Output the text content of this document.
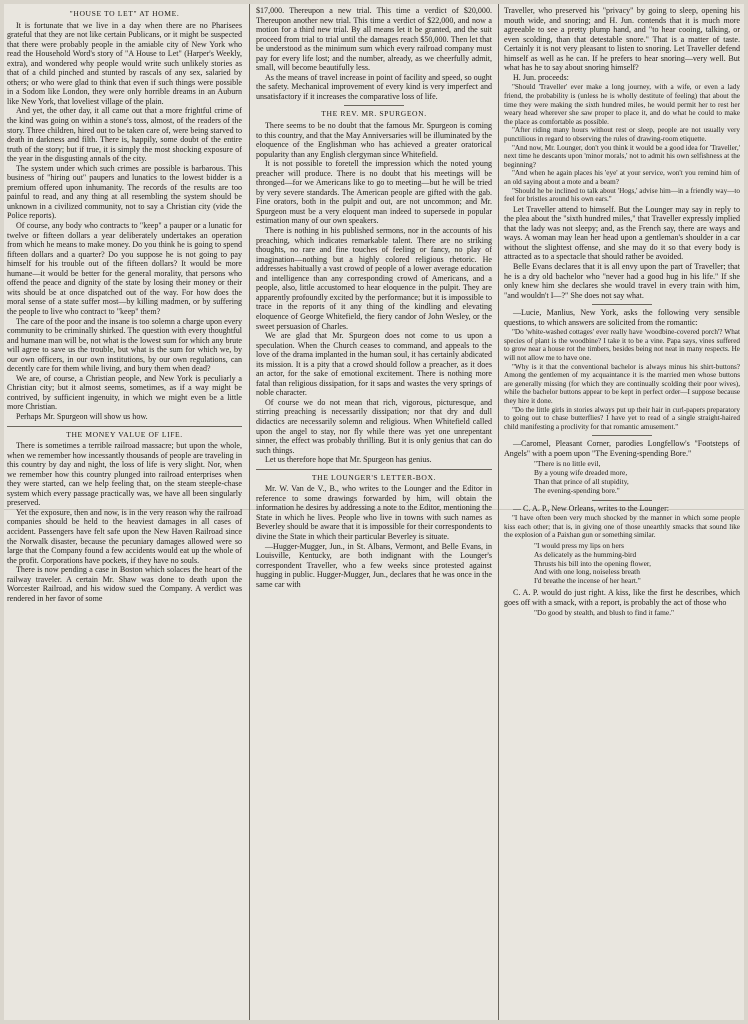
"HOUSE TO LET" AT HOME.

It is fortunate that we live in a day when there are no Pharisees grateful that they are not like certain Publicans, or it might be suspected that there were probably people in the amiable city of New York who read the Household Word's story of "A House to Let" (Harper's Weekly, extra), and wondered why people would write such unlikely stories as that of a child pinched and stunted by rascals of any sex, salaried by others; or who were glad to think that even if such things were possible in a Sodom like London, they were only horrible dreams in an Auburn like New York, that loveliest village of the plain.

And yet, the other day, it all came out that a more frightful crime of the kind was going on within a stone's toss, almost, of the readers of the story. Three children, hired out to be taken care of, were being starved to death in darkness and filth. There is, happily, some doubt of the entire truth of the story; but if true, it is simply the most shocking exposure of the year in the disgusting annals of the city.

The system under which such crimes are possible is barbarous. This business of "hiring out" paupers and lunatics to the lowest bidder is a premium offered upon inhumanity. The records of the results are too painful to read, and any thing at all resembling the system should be unknown in a civilized community, not to say a Christian city (vide the Police reports).

Of course, any body who contracts to "keep" a pauper or a lunatic for twelve or fifteen dollars a year deliberately undertakes an operation from which he means to make money. Do you think he is going to spend fifteen dollars and a quarter? Do you suppose he is not going to pay himself for his trouble out of the fifteen dollars? It would be more humane—it would be better for the general morality, that persons who offend the peace and dignity of the state by losing their money or their wits should be at once dispatched out of the way. For how does the moral sense of a state suffer most—by killing madmen, or by suffering the people to live who contract to "keep" them?

The care of the poor and the insane is too solemn a charge upon every community to be criminally shirked. The question with every thoughtful and humane man will be, not what is the lowest sum for which any brute will agree to save us the trouble, but what is the sum for which we, by our own officers, in our own institutions, by our own regulations, can decently care for them while living, and bury them when dead?

We are, of course, a Christian people, and New York is peculiarly a Christian city; but it almost seems, sometimes, as if a way might be contrived, by sufficient ingenuity, in which we might even be a little more Christian.

Perhaps Mr. Spurgeon will show us how.

THE MONEY VALUE OF LIFE.

There is sometimes a terrible railroad massacre; but upon the whole, when we remember how incessantly thousands of people are traveling in this country by day and night, the loss of life is very slight. Nor, when we remember how this country plunged into railroad enterprises when they were started, can we help feeling that, on the steam steeple-chase system which every passage practically was, we have all been singularly preserved.

Yet the exposure, then and now, is in the very reason why the railroad companies should be held to the heaviest damages in all cases of accident. Passengers have felt safe upon the New Haven Railroad since the Norwalk disaster, because the pecuniary damages allowed were so large that the Company found a few accidents would eat up the whole of the profit. Corporations have pockets, if they have no souls.

There is now pending a case in Boston which solaces the heart of the railway traveler. A certain Mr. Shaw was done to death upon the Worcester Railroad, and his widow sued the Company. A verdict was rendered in her favor of some

$17,000. Thereupon a new trial. This time a verdict of $20,000. Thereupon another new trial. This time a verdict of $22,000, and now a motion for a third new trial. By all means let it be granted, and the suit proceed from trial to trial until the damages reach $50,000. Then let that be understood as the minimum sum which every railroad company must pay for every life lost; and the number, already, as we cheerfully admit, small, will become beautifully less.

As the means of travel increase in point of facility and speed, so ought the safety. Mechanical improvement of every kind is very imperfect and unsatisfactory if it increases the comparative loss of life.

THE REV. MR. SPURGEON.

There seems to be no doubt that the famous Mr. Spurgeon is coming to this country, and that the May Anniversaries will be illuminated by the eloquence of the Englishman who has achieved a greater oratorical popularity than any English clergyman since Whitefield.

It is not possible to foretell the impression which the noted young preacher will produce. There is no doubt that his meetings will be thronged—for we Americans like to go to meeting—but he will be tried by very severe standards. The American people are gifted with the gab. Fine orators, both in the pulpit and out, are not uncommon; and Mr. Spurgeon must be a very eloquent man indeed to supersede in popular estimation many of our own speakers.

There is nothing in his published sermons, nor in the accounts of his preaching, which indicates remarkable talent. There are no striking thoughts, no rare and fine touches of feeling or fancy, no play of imagination—nothing but a highly colored religious rhetoric. He addresses habitually a vast crowd of people of a lower average education and intelligence than any corresponding crowd of Americans, and a people, also, little accustomed to hear eloquence in the pulpit. They are apparently profoundly excited by the performance; but it is impossible to trace in the reports of it any thing of the kindling and elevating eloquence of George Whitefield, the fiery candor of John Wesley, or the sweet persuasion of Charles.

We are glad that Mr. Spurgeon does not come to us upon a speculation. When the Church ceases to command, and appeals to the love of the drama implanted in the human soul, it has certainly abdicated its mission. It is a pity that a crowd should follow a preacher, as it does an actor, for the sake of emotional excitement. There is nothing more fatal than religious dissipation, for it saps and wastes the very springs of noble character.

Of course we do not mean that rich, vigorous, picturesque, and stirring preaching is necessarily dissipation; nor that dry and dull didactics are necessarily solemn and religious. When Whitefield called upon the angel to stay, nor fly while there was yet one unrepentant sinner, the effect was probably thrilling. But it is only genius that can do such things.

Let us therefore hope that Mr. Spurgeon has genius.

THE LOUNGER'S LETTER-BOX.

Mr. W. Van de V., B., who writes to the Lounger and the Editor in reference to some drawings forwarded by him, will obtain the information he desires by addressing a note to the Editor, mentioning the State in which he lives. People who live in towns with such names as Beverley should be aware that it is impossible for their correspondents to divine the State in which their particular Beverley is situate.

—Hugger-Mugger, Jun., in St. Albans, Vermont, and Belle Evans, in Louisville, Kentucky, are both indignant with the Lounger's correspondent Traveller, who a few weeks since protested against hugging in public. Hugger-Mugger, Jun., declares that he was once in the same car with

Traveller, who preserved his "privacy" by going to sleep, opening his mouth wide, and snoring; and H. Jun. contends that it is much more agreeable to see a pretty plump hand, and "to hear cooing, talking, or even scolding, than that detestable snore." That is a matter of taste. Certainly it is not very pleasant to listen to snoring. Let Traveller defend himself as well as he can. If he prefers to hear snoring—very well. But what has he to say about snoring himself?

H. Jun. proceeds:

"Should 'Traveller' ever make a long journey, with a wife, or even a lady friend, the probability is (unless he is wholly destitute of feeling) that about the time they were making the sixth hundred miles, he would permit her to rest her weary head wherever she saw proper to place it, and do what he could to make the place as comfortable as possible.

"After riding many hours without rest or sleep, people are not usually very punctilious in regard to observing the rules of drawing-room etiquette.

"And now, Mr. Lounger, don't you think it would be a good idea for 'Traveller,' next time he descants upon 'minor morals,' not to admit his own selfishness at the beginning?

"And when he again places his 'eye' at your service, won't you remind him of an old saying about a mote and a beam?

"Should he be inclined to talk about 'Hogs,' advise him—in a friendly way—to feel for bristles around his own ears."

Let Traveller attend to himself. But the Lounger may say in reply to the plea about the "sixth hundred miles," that Traveller expressly implied that the lady was not sleepy; and, as the French say, there are ways and ways. A woman may lean her head upon a gentleman's shoulder in a car without the slightest offense, and she may do it so that every body is attracted as to a spectacle that should rather be avoided.

Belle Evans declares that it is all envy upon the part of Traveller; that he is a dry old bachelor who "never had a good hug in his life." If she only knew him she declares she would travel in every train with him, "and wouldn't I—?" She does not say what.

—Lucie, Manlius, New York, asks the following very sensible questions, to which answers are solicited from the romantic:

"Do 'white-washed cottages' ever really have 'woodbine-covered porch'? What species of plant is the woodbine? I take it to be a vine. Papa says, vines suffered to grow near a house rot the timbers, besides being not neat in many respects. He will not allow me to have one.

"Why is it that the conventional bachelor is always minus his shirt-buttons? Among the gentlemen of my acquaintance it is the married men whose buttons are generally missing (for which they are continually scolding their poor wives), while the bachelor buttons appear to be kept in perfect order—I suppose because they hire it done.

"Do the little girls in stories always put up their hair in curl-papers preparatory to going out to chase butterflies? I have yet to read of a single straight-haired child manifesting a proclivity for that romantic amusement."

—Caromel, Pleasant Corner, parodies Longfellow's "Footsteps of Angels" with a poem upon "The Evening-spending Bore."

"There is no little evil,
By a young wife dreaded more,
Than that prince of all stupidity,
The evening-spending bore."

— C. A. P., New Orleans, writes to the Lounger:

"I have often been very much shocked by the manner in which some people kiss each other; that is, in giving one of those unearthly smacks that sound like the explosion of a Paixhan gun or something similar.

"I would press my lips on hers
As delicately as the humming-bird
Thrusts his bill into the opening flower,
And with one long, noiseless breath
I'd breathe the incense of her heart."

C. A. P. would do just right. A kiss, like the first he describes, which goes off with a smack, with a report, is probably the act of those who

"Do good by stealth, and blush to find it fame."
